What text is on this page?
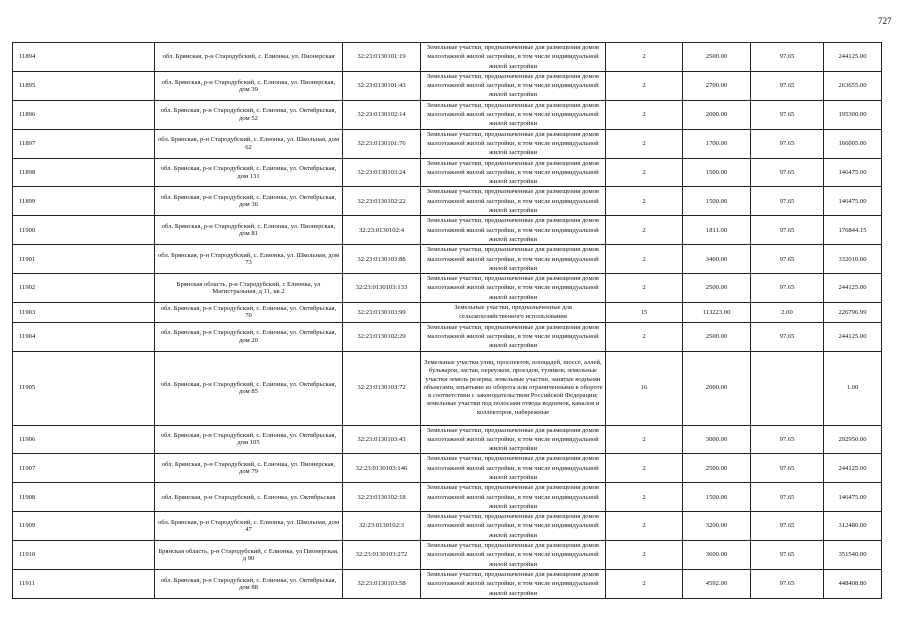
727
11894	обл. Брянская, р-н Стародубский, с. Елионка, ул. Пионерская	32:23:0130101:19	Земельные участки, предназначенные для размещения домов малоэтажной жилой застройки, в том числе индивидуальной жилой застройки	2	2500.00	97.65	244125.00
11895	обл. Брянская, р-н Стародубский, с. Елионка, ул. Пионерская, дом 39	32:23:0130101:43	Земельные участки, предназначенные для размещения домов малоэтажной жилой застройки, в том числе индивидуальной жилой застройки	2	2700.00	97.65	263655.00
11896	обл. Брянская, р-н Стародубский, с. Елионка, ул. Октябрьская, дом 52	32:23:0130102:14	Земельные участки, предназначенные для размещения домов малоэтажной жилой застройки, в том числе индивидуальной жилой застройки	2	2000.00	97.65	195300.00
11897	обл. Брянская, р-н Стародубский, с. Елионка, ул. Школьная, дом 62	32:23:0130101:76	Земельные участки, предназначенные для размещения домов малоэтажной жилой застройки, в том числе индивидуальной жилой застройки	2	1700.00	97.65	166005.00
11898	обл. Брянская, р-н Стародубский, с. Елионка, ул. Октябрьская, дом 131	32:23:0130103:24	Земельные участки, предназначенные для размещения домов малоэтажной жилой застройки, в том числе индивидуальной жилой застройки	2	1500.00	97.65	146475.00
11899	обл. Брянская, р-н Стародубский, с. Елионка, ул. Октябрьская, дом 36	32:23:0130102:22	Земельные участки, предназначенные для размещения домов малоэтажной жилой застройки, в том числе индивидуальной жилой застройки	2	1500.00	97.65	146475.00
11900	обл. Брянская, р-н Стародубский, с. Елионка, ул. Пионерская, дом 81	32:23:0130102:4	Земельные участки, предназначенные для размещения домов малоэтажной жилой застройки, в том числе индивидуальной жилой застройки	2	1811.00	97.65	176844.15
11901	обл. Брянская, р-н Стародубский, с. Елионка, ул. Школьная, дом 73	32:23:0130103:88	Земельные участки, предназначенные для размещения домов малоэтажной жилой застройки, в том числе индивидуальной жилой застройки	2	3400.00	97.65	332010.00
11902	Брянская область, р-н Стародубский, с Елионка, ул Магистральная, д 11, кв 2	32:23:0130103:133	Земельные участки, предназначенные для размещения домов малоэтажной жилой застройки, в том числе индивидуальной жилой застройки	2	2500.00	97.65	244125.00
11903	обл. Брянская, р-н Стародубский, с. Елионка, ул. Октябрьская, 70	32:23:0130103:99	Земельные участки, предназначенные для сельскохозяйственного использования	15	113223.00	2.00	226796.99
11904	обл. Брянская, р-н Стародубский, с. Елионка, ул. Октябрьская, дом 20	32:23:0130102:29	Земельные участки, предназначенные для размещения домов малоэтажной жилой застройки, в том числе индивидуальной жилой застройки	2	2500.00	97.65	244125.00
11905	обл. Брянская, р-н Стародубский, с. Елионка, ул. Октябрьская, дом 85	32:23:0130103:72	Земельные участки улиц, проспектов, площадей, шоссе, аллей, бульваров, застав, переулков, проездов, тупиков; земельные участки земель резерва; земельные участки, занятые водными объектами, изъятыми из оборота или ограниченными в обороте в соответствии с законодательством Российской Федерации; земельные участки под полосами отвода водоемов, каналов и коллекторов, набережные	16	2000.00		1.00
11906	обл. Брянская, р-н Стародубский, с. Елионка, ул. Октябрьская, дом 105	32:23:0130103:43	Земельные участки, предназначенные для размещения домов малоэтажной жилой застройки, в том числе индивидуальной жилой застройки	2	3000.00	97.65	292950.00
11907	обл. Брянская, р-н Стародубский, с. Елионка, ул. Пионерская, дом 79	32:23:0130103:146	Земельные участки, предназначенные для размещения домов малоэтажной жилой застройки, в том числе индивидуальной жилой застройки	2	2500.00	97.65	244125.00
11908	обл. Брянская, р-н Стародубский, с. Елионка, ул. Октябрьская	32:23:0130102:18	Земельные участки, предназначенные для размещения домов малоэтажной жилой застройки, в том числе индивидуальной жилой застройки	2	1500.00	97.65	146475.00
11909	обл. Брянская, р-н Стародубский, с. Елионка, ул. Школьная, дом 47	32:23:0130102:3	Земельные участки, предназначенные для размещения домов малоэтажной жилой застройки, в том числе индивидуальной жилой застройки	2	3200.00	97.65	312480.00
11910	Брянская область, р-н Стародубский, с Елионка, ул Пионерская, д 90	32:23:0130103:272	Земельные участки, предназначенные для размещения домов малоэтажной жилой застройки, в том числе индивидуальной жилой застройки	2	3600.00	97.65	351540.00
11911	обл. Брянская, р-н Стародубский, с. Елионка, ул. Октябрьская, дом 88	32:23:0130103:58	Земельные участки, предназначенные для размещения домов малоэтажной жилой застройки, в том числе индивидуальной жилой застройки	2	4592.00	97.65	448408.80
